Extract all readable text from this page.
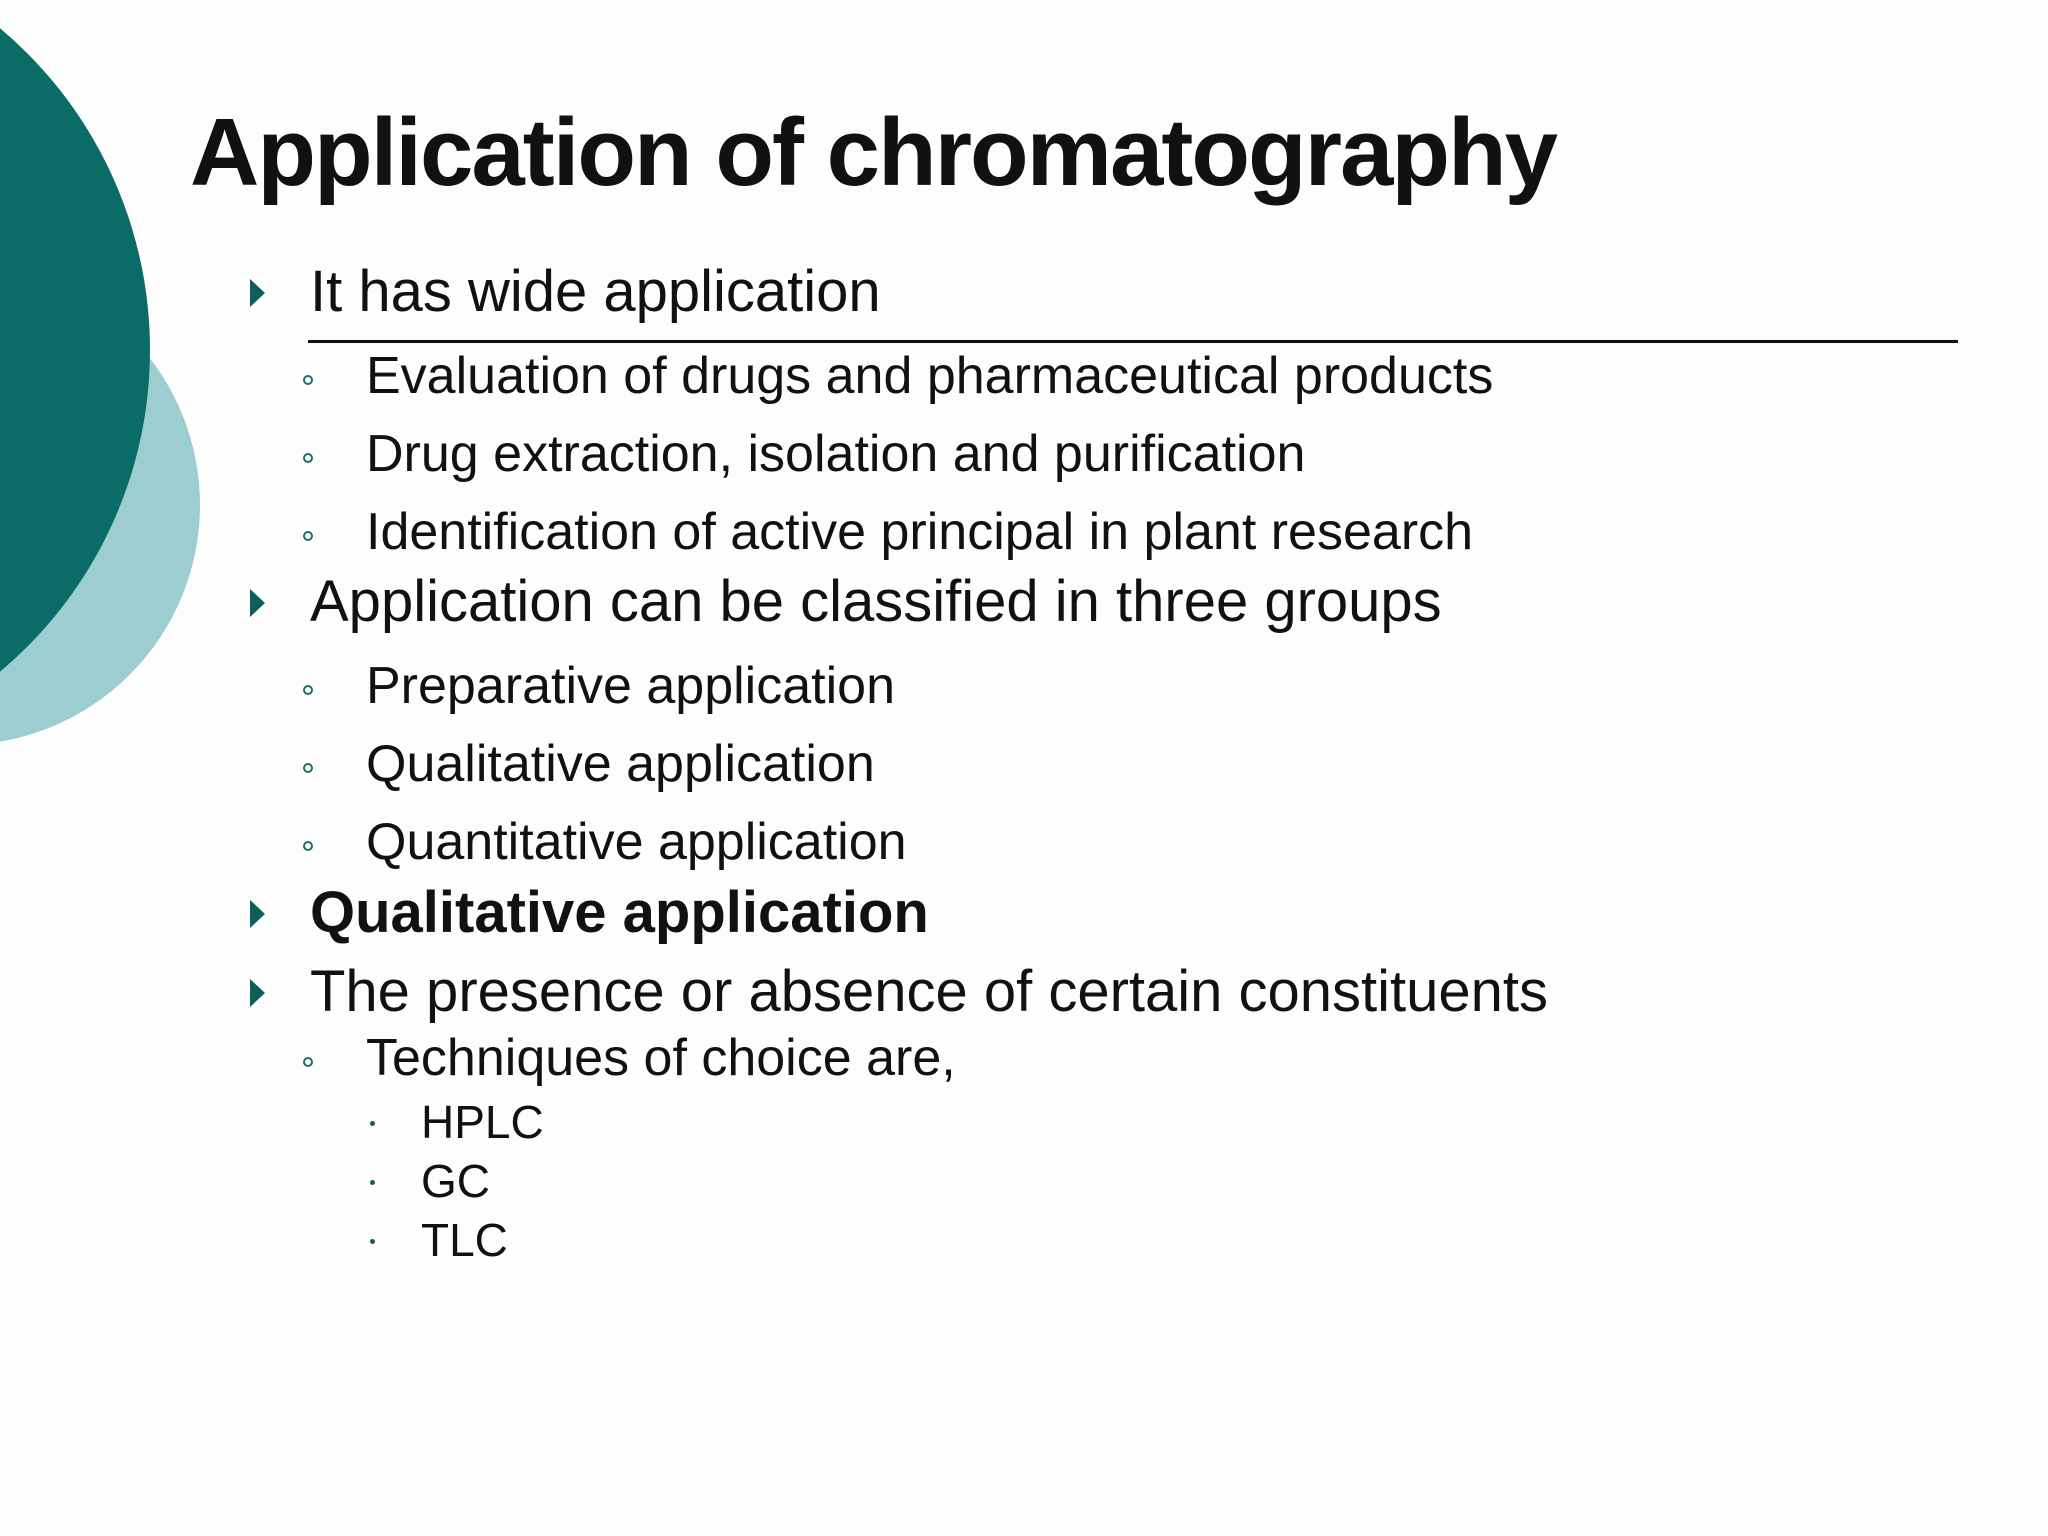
Application of chromatography
It has wide application
Evaluation of drugs and pharmaceutical products
Drug extraction, isolation and purification
Identification of active principal in plant research
Application can be classified in three groups
Preparative application
Qualitative application
Quantitative application
Qualitative application
The presence or absence of certain constituents
Techniques of choice are,
HPLC
GC
TLC
